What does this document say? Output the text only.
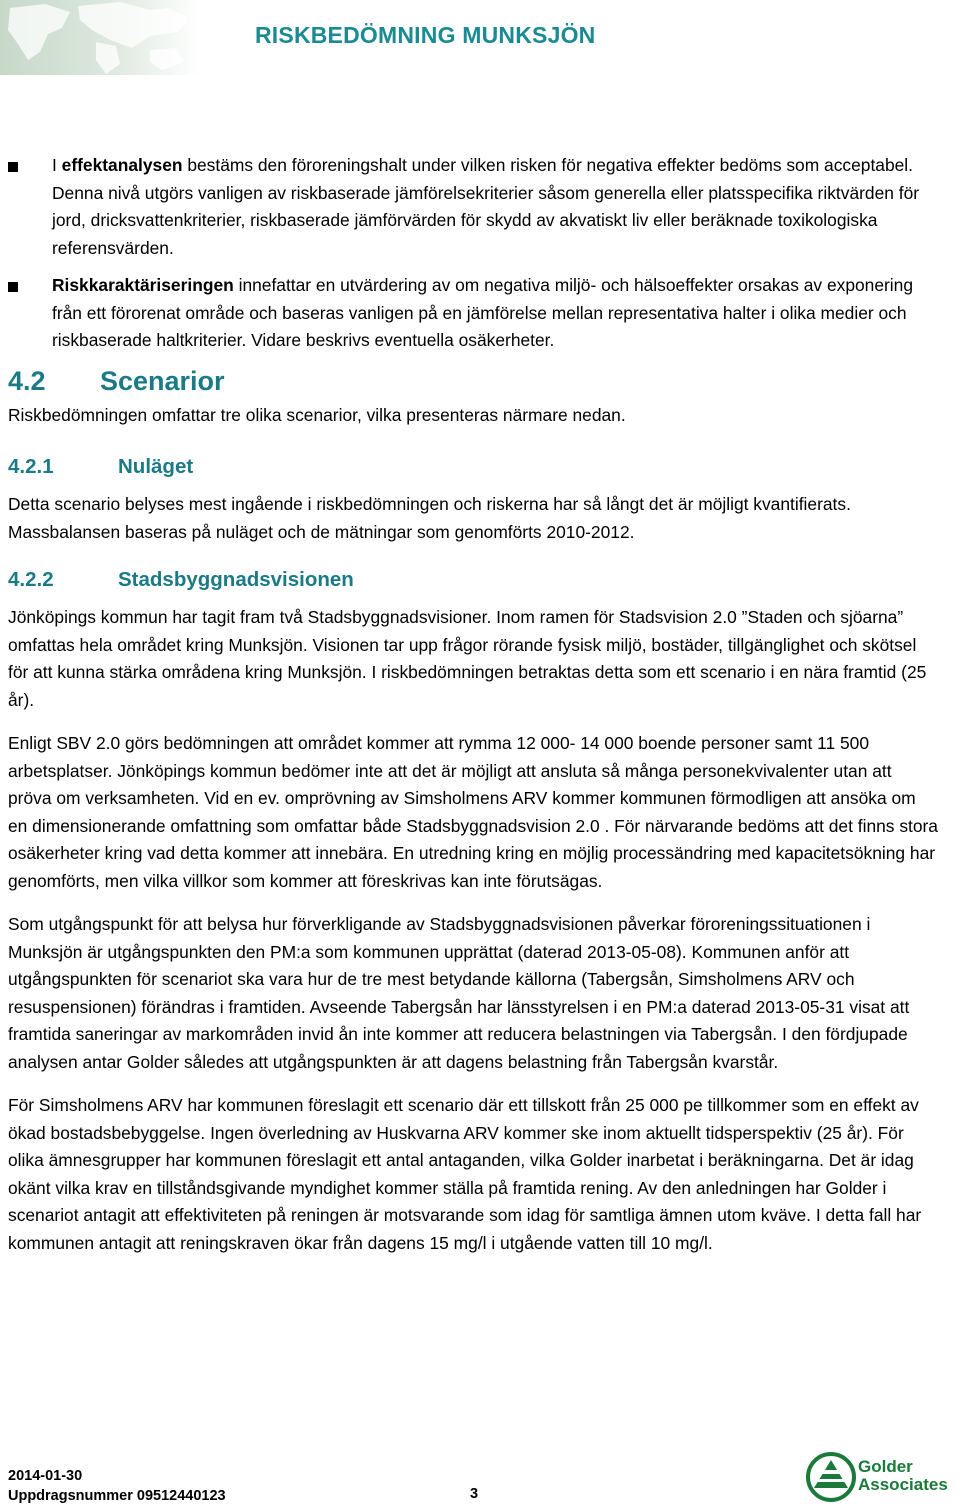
RISKBEDÖMNING MUNKSJÖN
I effektanalysen bestäms den föroreningshalt under vilken risken för negativa effekter bedöms som acceptabel. Denna nivå utgörs vanligen av riskbaserade jämförelsekriterier såsom generella eller platsspecifika riktvärden för jord, dricksvattenkriterier, riskbaserade jämförvärden för skydd av akvatiskt liv eller beräknade toxikologiska referensvärden.
Riskkaraktäriseringen innefattar en utvärdering av om negativa miljö- och hälsoeffekter orsakas av exponering från ett förorenat område och baseras vanligen på en jämförelse mellan representativa halter i olika medier och riskbaserade haltkriterier. Vidare beskrivs eventuella osäkerheter.
4.2 Scenarior
Riskbedömningen omfattar tre olika scenarior, vilka presenteras närmare nedan.
4.2.1	Nuläget
Detta scenario belyses mest ingående i riskbedömningen och riskerna har så långt det är möjligt kvantifierats. Massbalansen baseras på nuläget och de mätningar som genomförts 2010-2012.
4.2.2	Stadsbyggnadsvisionen
Jönköpings kommun har tagit fram två Stadsbyggnadsvisioner. Inom ramen för Stadsvision 2.0 ”Staden och sjöarna” omfattas hela området kring Munksjön. Visionen tar upp frågor rörande fysisk miljö, bostäder, tillgänglighet och skötsel för att kunna stärka områdena kring Munksjön. I riskbedömningen betraktas detta som ett scenario i en nära framtid (25 år).
Enligt SBV 2.0 görs bedömningen att området kommer att rymma 12 000- 14 000 boende personer samt 11 500 arbetsplatser. Jönköpings kommun bedömer inte att det är möjligt att ansluta så många personekvivalenter utan att pröva om verksamheten. Vid en ev. omprövning av Simsholmens ARV kommer kommunen förmodligen att ansöka om en dimensionerande omfattning som omfattar både Stadsbyggnadsvision 2.0 . För närvarande bedöms att det finns stora osäkerheter kring vad detta kommer att innebära. En utredning kring en möjlig processändring med kapacitetsökning har genomförts, men vilka villkor som kommer att föreskrivas kan inte förutsägas.
Som utgångspunkt för att belysa hur förverkligande av Stadsbyggnadsvisionen påverkar föroreningssituationen i Munksjön är utgångspunkten den PM:a som kommunen upprättat (daterad 2013-05-08). Kommunen anför att utgångspunkten för scenariot ska vara hur de tre mest betydande källorna (Tabergsån, Simsholmens ARV och resuspensionen) förändras i framtiden. Avseende Tabergsån har länsstyrelsen i en PM:a daterad 2013-05-31 visat att framtida saneringar av markområden invid ån inte kommer att reducera belastningen via Tabergsån. I den fördjupade analysen antar Golder således att utgångspunkten är att dagens belastning från Tabergsån kvarstår.
För Simsholmens ARV har kommunen föreslagit ett scenario där ett tillskott från 25 000 pe tillkommer som en effekt av ökad bostadsbebyggelse. Ingen överledning av Huskvarna ARV kommer ske inom aktuellt tidsperspektiv (25 år). För olika ämnesgrupper har kommunen föreslagit ett antal antaganden, vilka Golder inarbetat i beräkningarna. Det är idag okänt vilka krav en tillståndsgivande myndighet kommer ställa på framtida rening. Av den anledningen har Golder i scenariot antagit att effektiviteten på reningen är motsvarande som idag för samtliga ämnen utom kväve. I detta fall har kommunen antagit att reningskraven ökar från dagens 15 mg/l i utgående vatten till 10 mg/l.
2014-01-30
Uppdragsnummer 09512440123	3
Golder
Associates
